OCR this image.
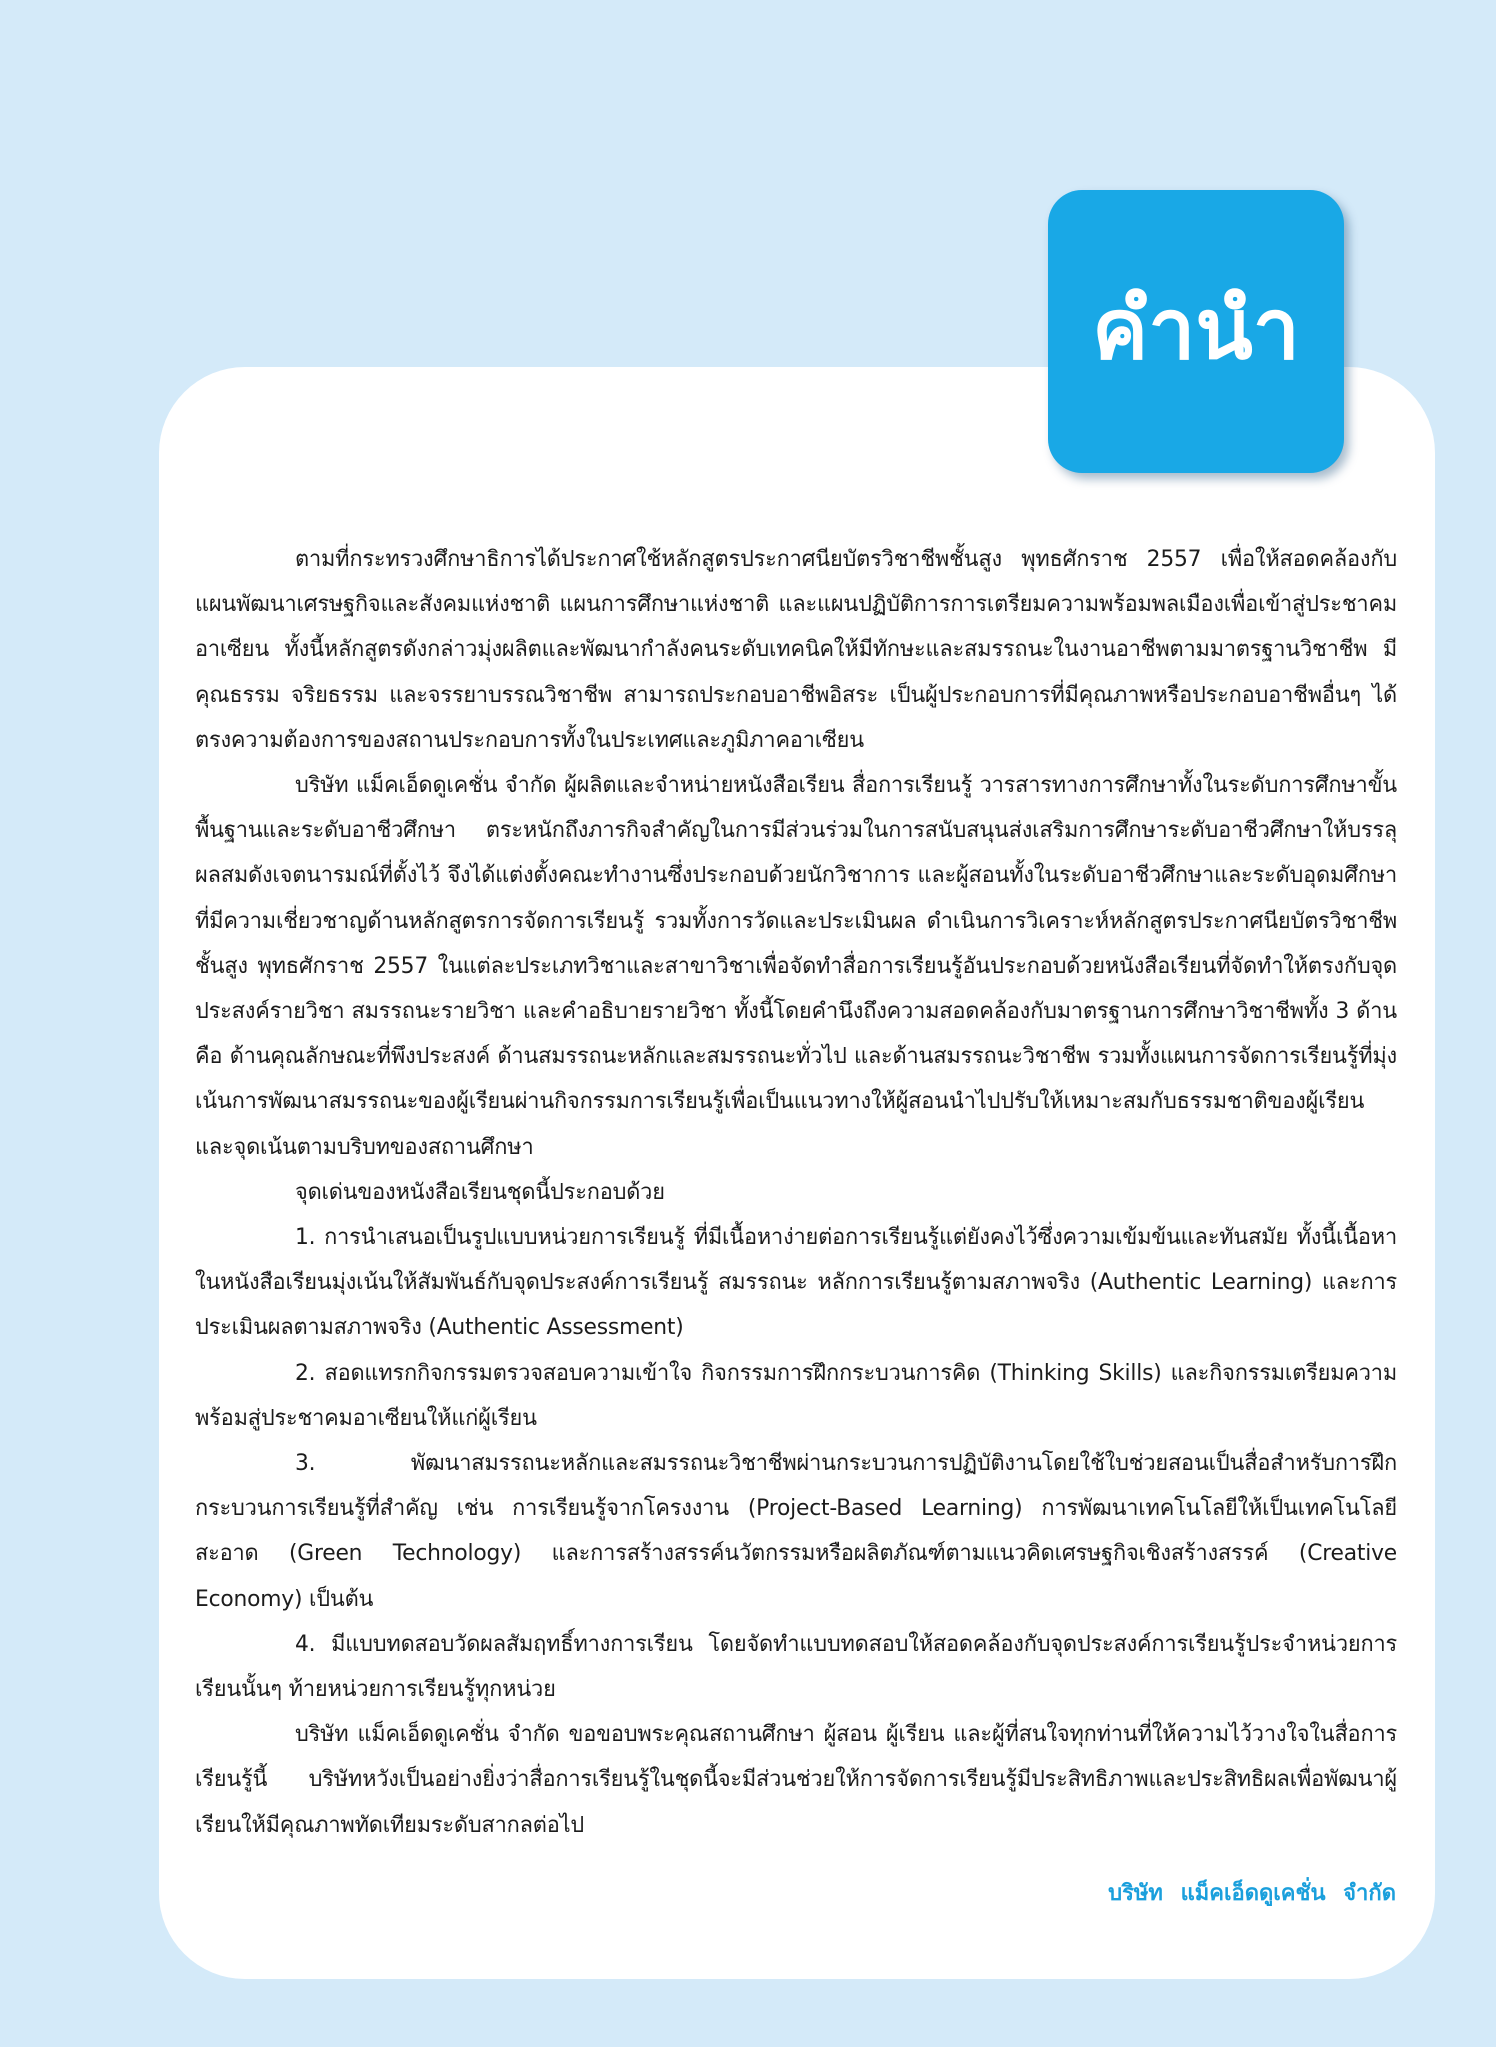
คำนำ

ตามที่กระทรวงศึกษาธิการได้ประกาศใช้หลักสูตรประกาศนียบัตรวิชาชีพชั้นสูง พุทธศักราช 2557 เพื่อให้สอดคล้องกับแผนพัฒนาเศรษฐกิจและสังคมแห่งชาติ แผนการศึกษาแห่งชาติ และแผนปฏิบัติการการเตรียมความพร้อมพลเมืองเพื่อเข้าสู่ประชาคมอาเซียน ทั้งนี้หลักสูตรดังกล่าวมุ่งผลิตและพัฒนากำลังคนระดับเทคนิคให้มีทักษะและสมรรถนะในงานอาชีพตามมาตรฐานวิชาชีพ มีคุณธรรม จริยธรรม และจรรยาบรรณวิชาชีพ สามารถประกอบอาชีพอิสระ เป็นผู้ประกอบการที่มีคุณภาพหรือประกอบอาชีพอื่นๆ ได้ตรงความต้องการของสถานประกอบการทั้งในประเทศและภูมิภาคอาเซียน

บริษัท แม็คเอ็ดดูเคชั่น จำกัด ผู้ผลิตและจำหน่ายหนังสือเรียน สื่อการเรียนรู้ วารสารทางการศึกษาทั้งในระดับการศึกษาขั้นพื้นฐานและระดับอาชีวศึกษา ตระหนักถึงภารกิจสำคัญในการมีส่วนร่วมในการสนับสนุนส่งเสริมการศึกษาระดับอาชีวศึกษาให้บรรลุผลสมดังเจตนารมณ์ที่ตั้งไว้ จึงได้แต่งตั้งคณะทำงานซึ่งประกอบด้วยนักวิชาการ และผู้สอนทั้งในระดับอาชีวศึกษาและระดับอุดมศึกษาที่มีความเชี่ยวชาญด้านหลักสูตรการจัดการเรียนรู้ รวมทั้งการวัดและประเมินผล ดำเนินการวิเคราะห์หลักสูตรประกาศนียบัตรวิชาชีพชั้นสูง พุทธศักราช 2557 ในแต่ละประเภทวิชาและสาขาวิชาเพื่อจัดทำสื่อการเรียนรู้อันประกอบด้วยหนังสือเรียนที่จัดทำให้ตรงกับจุดประสงค์รายวิชา สมรรถนะรายวิชา และคำอธิบายรายวิชา ทั้งนี้โดยคำนึงถึงความสอดคล้องกับมาตรฐานการศึกษาวิชาชีพทั้ง 3 ด้าน คือ ด้านคุณลักษณะที่พึงประสงค์ ด้านสมรรถนะหลักและสมรรถนะทั่วไป และด้านสมรรถนะวิชาชีพ รวมทั้งแผนการจัดการเรียนรู้ที่มุ่งเน้นการพัฒนาสมรรถนะของผู้เรียนผ่านกิจกรรมการเรียนรู้เพื่อเป็นแนวทางให้ผู้สอนนำไปปรับให้เหมาะสมกับธรรมชาติของผู้เรียนและจุดเน้นตามบริบทของสถานศึกษา

จุดเด่นของหนังสือเรียนชุดนี้ประกอบด้วย

1. การนำเสนอเป็นรูปแบบหน่วยการเรียนรู้ ที่มีเนื้อหาง่ายต่อการเรียนรู้แต่ยังคงไว้ซึ่งความเข้มข้นและทันสมัย ทั้งนี้เนื้อหาในหนังสือเรียนมุ่งเน้นให้สัมพันธ์กับจุดประสงค์การเรียนรู้ สมรรถนะ หลักการเรียนรู้ตามสภาพจริง (Authentic Learning) และการประเมินผลตามสภาพจริง (Authentic Assessment)

2. สอดแทรกกิจกรรมตรวจสอบความเข้าใจ กิจกรรมการฝึกกระบวนการคิด (Thinking Skills) และกิจกรรมเตรียมความพร้อมสู่ประชาคมอาเซียนให้แก่ผู้เรียน

3. พัฒนาสมรรถนะหลักและสมรรถนะวิชาชีพผ่านกระบวนการปฏิบัติงานโดยใช้ใบช่วยสอนเป็นสื่อสำหรับการฝึกกระบวนการเรียนรู้ที่สำคัญ เช่น การเรียนรู้จากโครงงาน (Project-Based Learning) การพัฒนาเทคโนโลยีให้เป็นเทคโนโลยีสะอาด (Green Technology) และการสร้างสรรค์นวัตกรรมหรือผลิตภัณฑ์ตามแนวคิดเศรษฐกิจเชิงสร้างสรรค์ (Creative Economy) เป็นต้น

4. มีแบบทดสอบวัดผลสัมฤทธิ์ทางการเรียน โดยจัดทำแบบทดสอบให้สอดคล้องกับจุดประสงค์การเรียนรู้ประจำหน่วยการเรียนนั้นๆ ท้ายหน่วยการเรียนรู้ทุกหน่วย

บริษัท แม็คเอ็ดดูเคชั่น จำกัด ขอขอบพระคุณสถานศึกษา ผู้สอน ผู้เรียน และผู้ที่สนใจทุกท่านที่ให้ความไว้วางใจในสื่อการเรียนรู้นี้ บริษัทหวังเป็นอย่างยิ่งว่าสื่อการเรียนรู้ในชุดนี้จะมีส่วนช่วยให้การจัดการเรียนรู้มีประสิทธิภาพและประสิทธิผลเพื่อพัฒนาผู้เรียนให้มีคุณภาพทัดเทียมระดับสากลต่อไป

บริษัท แม็คเอ็ดดูเคชั่น จำกัด
